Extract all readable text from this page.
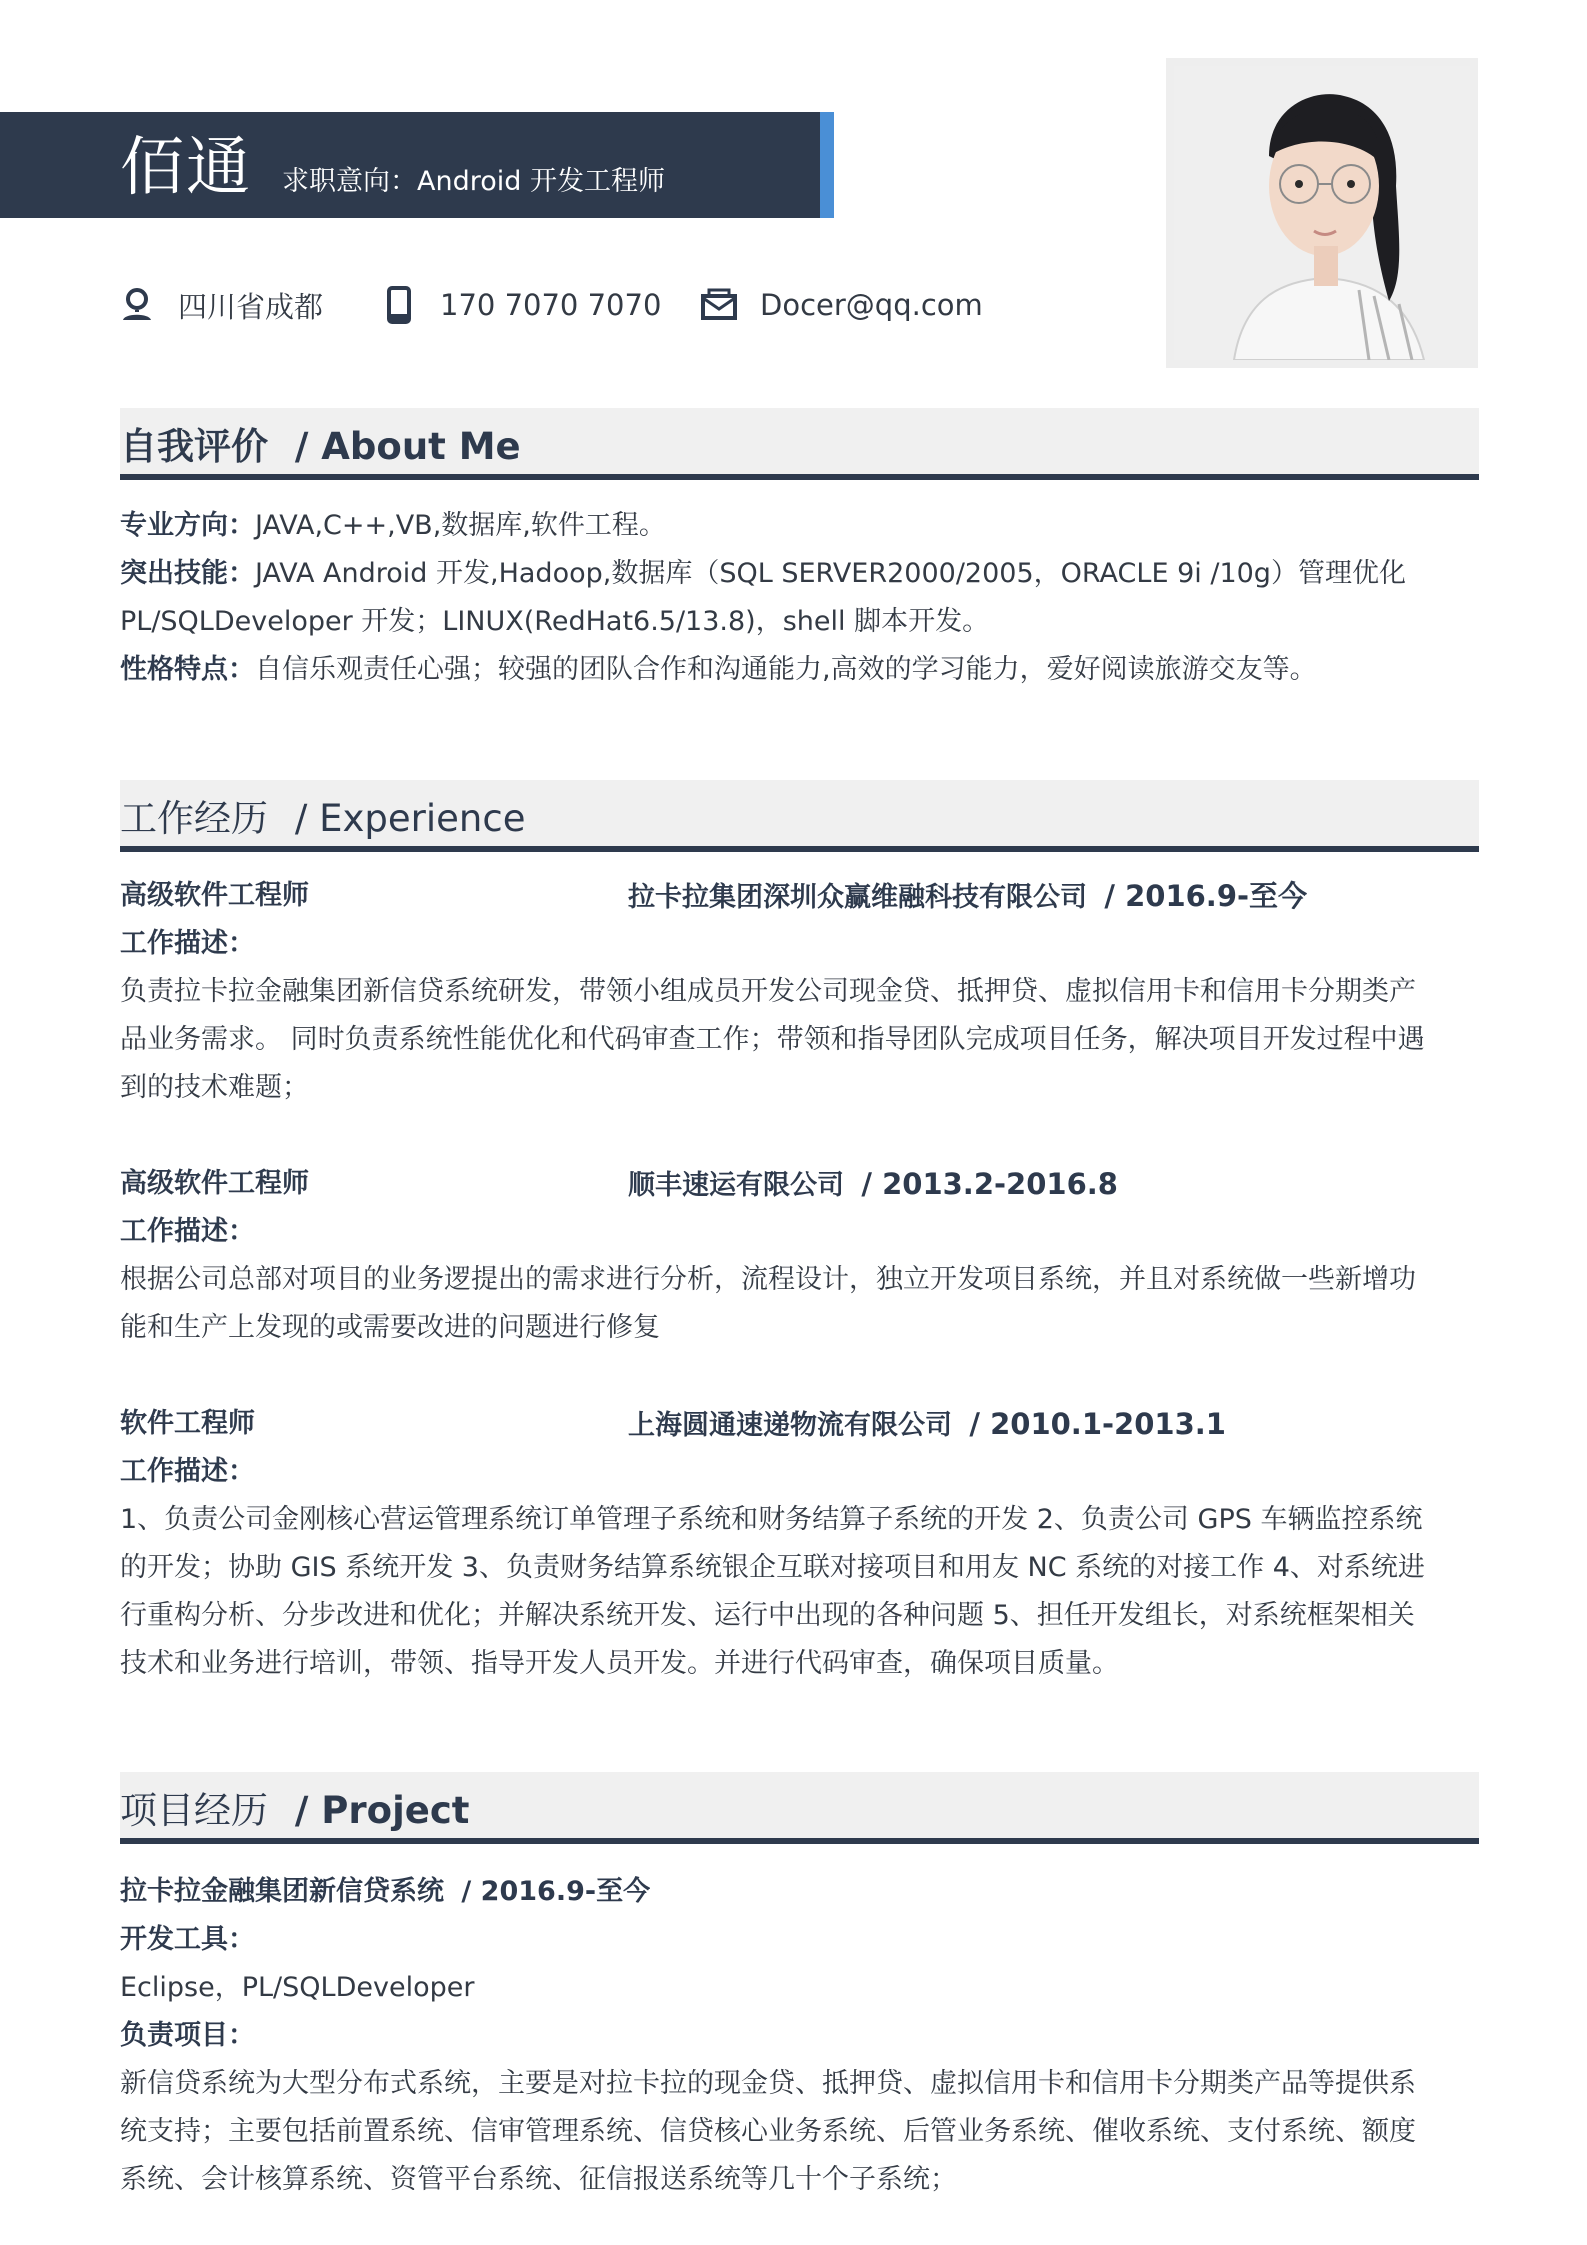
佰通 求职意向：Android 开发工程师
四川省成都	170 7070 7070	Docer@qq.com
自我评价 / About Me
专业方向：JAVA,C++,VB,数据库,软件工程。
突出技能：JAVA Android 开发,Hadoop,数据库（SQL SERVER2000/2005，ORACLE 9i /10g）管理优化
PL/SQLDeveloper 开发；LINUX(RedHat6.5/13.8)，shell 脚本开发。
性格特点：自信乐观责任心强；较强的团队合作和沟通能力,高效的学习能力，爱好阅读旅游交友等。
工作经历 / Experience
高级软件工程师	拉卡拉集团深圳众赢维融科技有限公司 / 2016.9-至今
工作描述：
负责拉卡拉金融集团新信贷系统研发，带领小组成员开发公司现金贷、抵押贷、虚拟信用卡和信用卡分期类产
品业务需求。 同时负责系统性能优化和代码审查工作；带领和指导团队完成项目任务，解决项目开发过程中遇
到的技术难题；
高级软件工程师	顺丰速运有限公司 / 2013.2-2016.8
工作描述：
根据公司总部对项目的业务逻提出的需求进行分析，流程设计，独立开发项目系统，并且对系统做一些新增功
能和生产上发现的或需要改进的问题进行修复
软件工程师	上海圆通速递物流有限公司 / 2010.1-2013.1
工作描述：
1、负责公司金刚核心营运管理系统订单管理子系统和财务结算子系统的开发 2、负责公司 GPS 车辆监控系统
的开发；协助 GIS 系统开发 3、负责财务结算系统银企互联对接项目和用友 NC 系统的对接工作 4、对系统进
行重构分析、分步改进和优化；并解决系统开发、运行中出现的各种问题 5、担任开发组长，对系统框架相关
技术和业务进行培训，带领、指导开发人员开发。并进行代码审查，确保项目质量。
项目经历 / Project
拉卡拉金融集团新信贷系统 / 2016.9-至今
开发工具：
Eclipse，PL/SQLDeveloper
负责项目：
新信贷系统为大型分布式系统，主要是对拉卡拉的现金贷、抵押贷、虚拟信用卡和信用卡分期类产品等提供系
统支持；主要包括前置系统、信审管理系统、信贷核心业务系统、后管业务系统、催收系统、支付系统、额度
系统、会计核算系统、资管平台系统、征信报送系统等几十个子系统；
